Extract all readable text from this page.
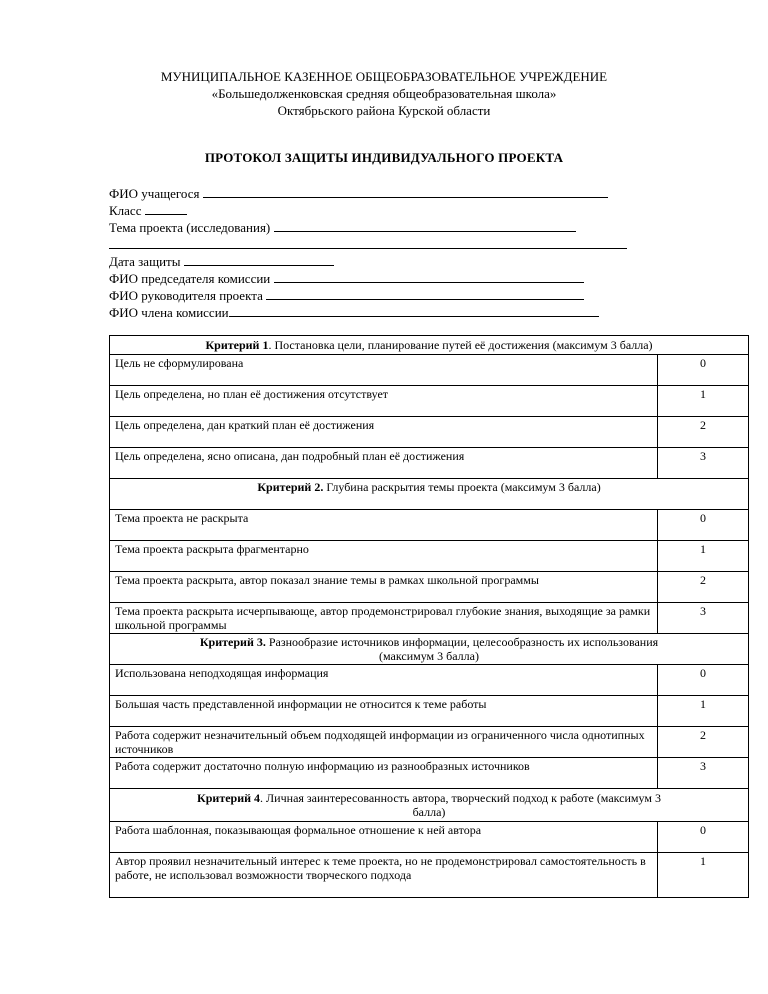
МУНИЦИПАЛЬНОЕ КАЗЕННОЕ ОБЩЕОБРАЗОВАТЕЛЬНОЕ УЧРЕЖДЕНИЕ
«Большедолженковская средняя общеобразовательная школа»
Октябрьского района Курской области
ПРОТОКОЛ ЗАЩИТЫ ИНДИВИДУАЛЬНОГО ПРОЕКТА
ФИО учащегося
Класс
Тема проекта (исследования)
Дата защиты
ФИО председателя комиссии
ФИО руководителя проекта
ФИО члена комиссии
Критерий 1. Постановка цели, планирование путей её достижения (максимум 3 балла)	
Цель не сформулирована	0
Цель определена, но план её достижения отсутствует	1
Цель определена, дан краткий план её достижения	2
Цель определена, ясно описана, дан подробный план её достижения	3
Критерий 2. Глубина раскрытия темы проекта (максимум 3 балла)	
Тема проекта не раскрыта	0
Тема проекта раскрыта фрагментарно	1
Тема проекта раскрыта, автор показал знание темы в рамках школьной программы	2
Тема проекта раскрыта исчерпывающе, автор продемонстрировал глубокие знания, выходящие за рамки школьной программы	3
Критерий 3. Разнообразие источников информации, целесообразность их использования (максимум 3 балла)	
Использована неподходящая информация	0
Большая часть представленной информации не относится к теме работы	1
Работа содержит незначительный объем подходящей информации из ограниченного числа однотипных источников	2
Работа содержит достаточно полную информацию из разнообразных источников	3
Критерий 4. Личная заинтересованность автора, творческий подход к работе (максимум 3 балла)	
Работа шаблонная, показывающая формальное отношение к ней автора	0
Автор проявил незначительный интерес к теме проекта, но не продемонстрировал самостоятельность в работе, не использовал возможности творческого подхода	1
